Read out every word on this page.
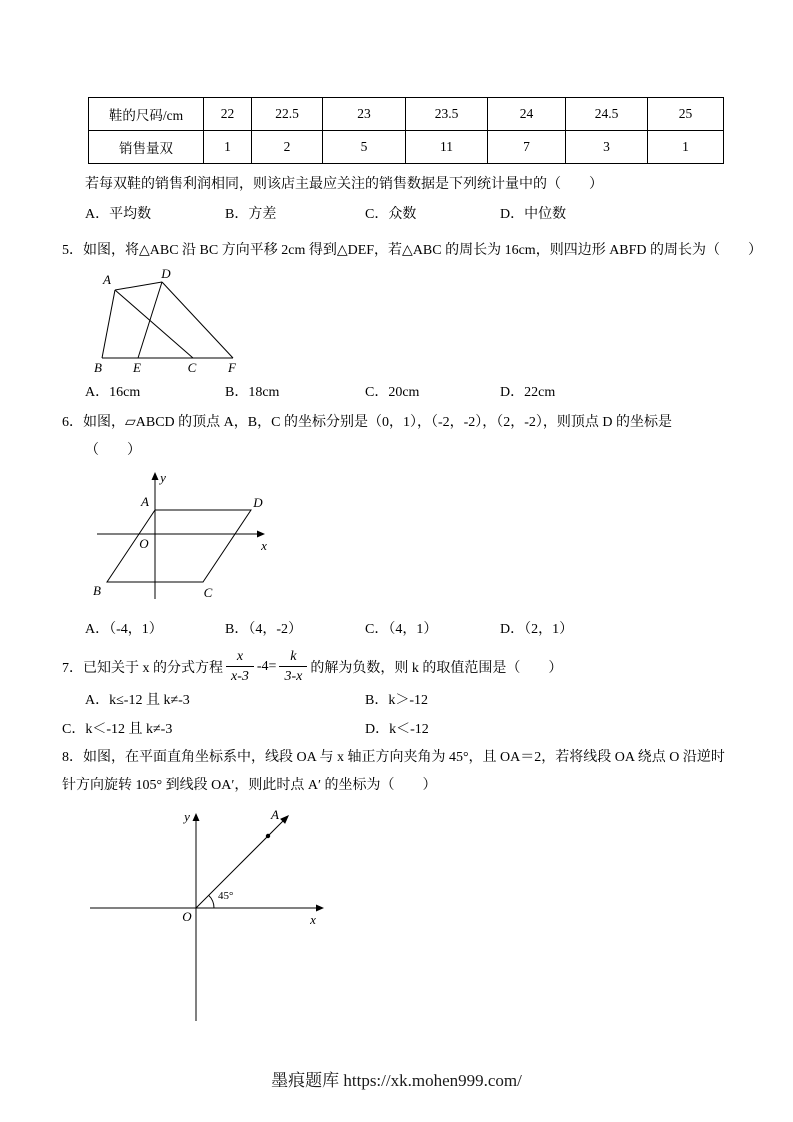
鞋的尺码/cm	22	22.5	23	23.5	24	24.5	25
销售量双	1	2	5	11	7	3	1
若每双鞋的销售利润相同，则该店主最应关注的销售数据是下列统计量中的（　　）
A．平均数	B．方差	C．众数	D．中位数
5．如图，将△ABC 沿 BC 方向平移 2cm 得到△DEF，若△ABC 的周长为 16cm，则四边形 ABFD 的周长为（　　）
A	D
B E	C F
A．16cm	B．18cm	C．20cm	D．22cm
6．如图，▱ABCD 的顶点 A，B，C 的坐标分别是（0，1），（-2，-2），（2，-2），则顶点 D 的坐标是
（　　）
A	D
B	C
O	x
y
A．（-4，1）	B．（4，-2）	C．（4，1）	D．（2，1）
7．已知关于 x 的分式方程 $\frac{x}{x-3} -4= \frac{k}{3-x}$ 的解为负数，则 k 的取值范围是（　　）
A．k≤-12 且 k≠-3	B．k＞-12
C．k＜-12 且 k≠-3	D．k＜-12
8．如图，在平面直角坐标系中，线段 OA 与 x 轴正方向夹角为 45°，且 OA＝2，若将线段 OA 绕点 O 沿逆时
针方向旋转 105° 到线段 OA′，则此时点 A′ 的坐标为（　　）
45°
A
O	x
y
墨痕题库 https://xk.mohen999.com/
